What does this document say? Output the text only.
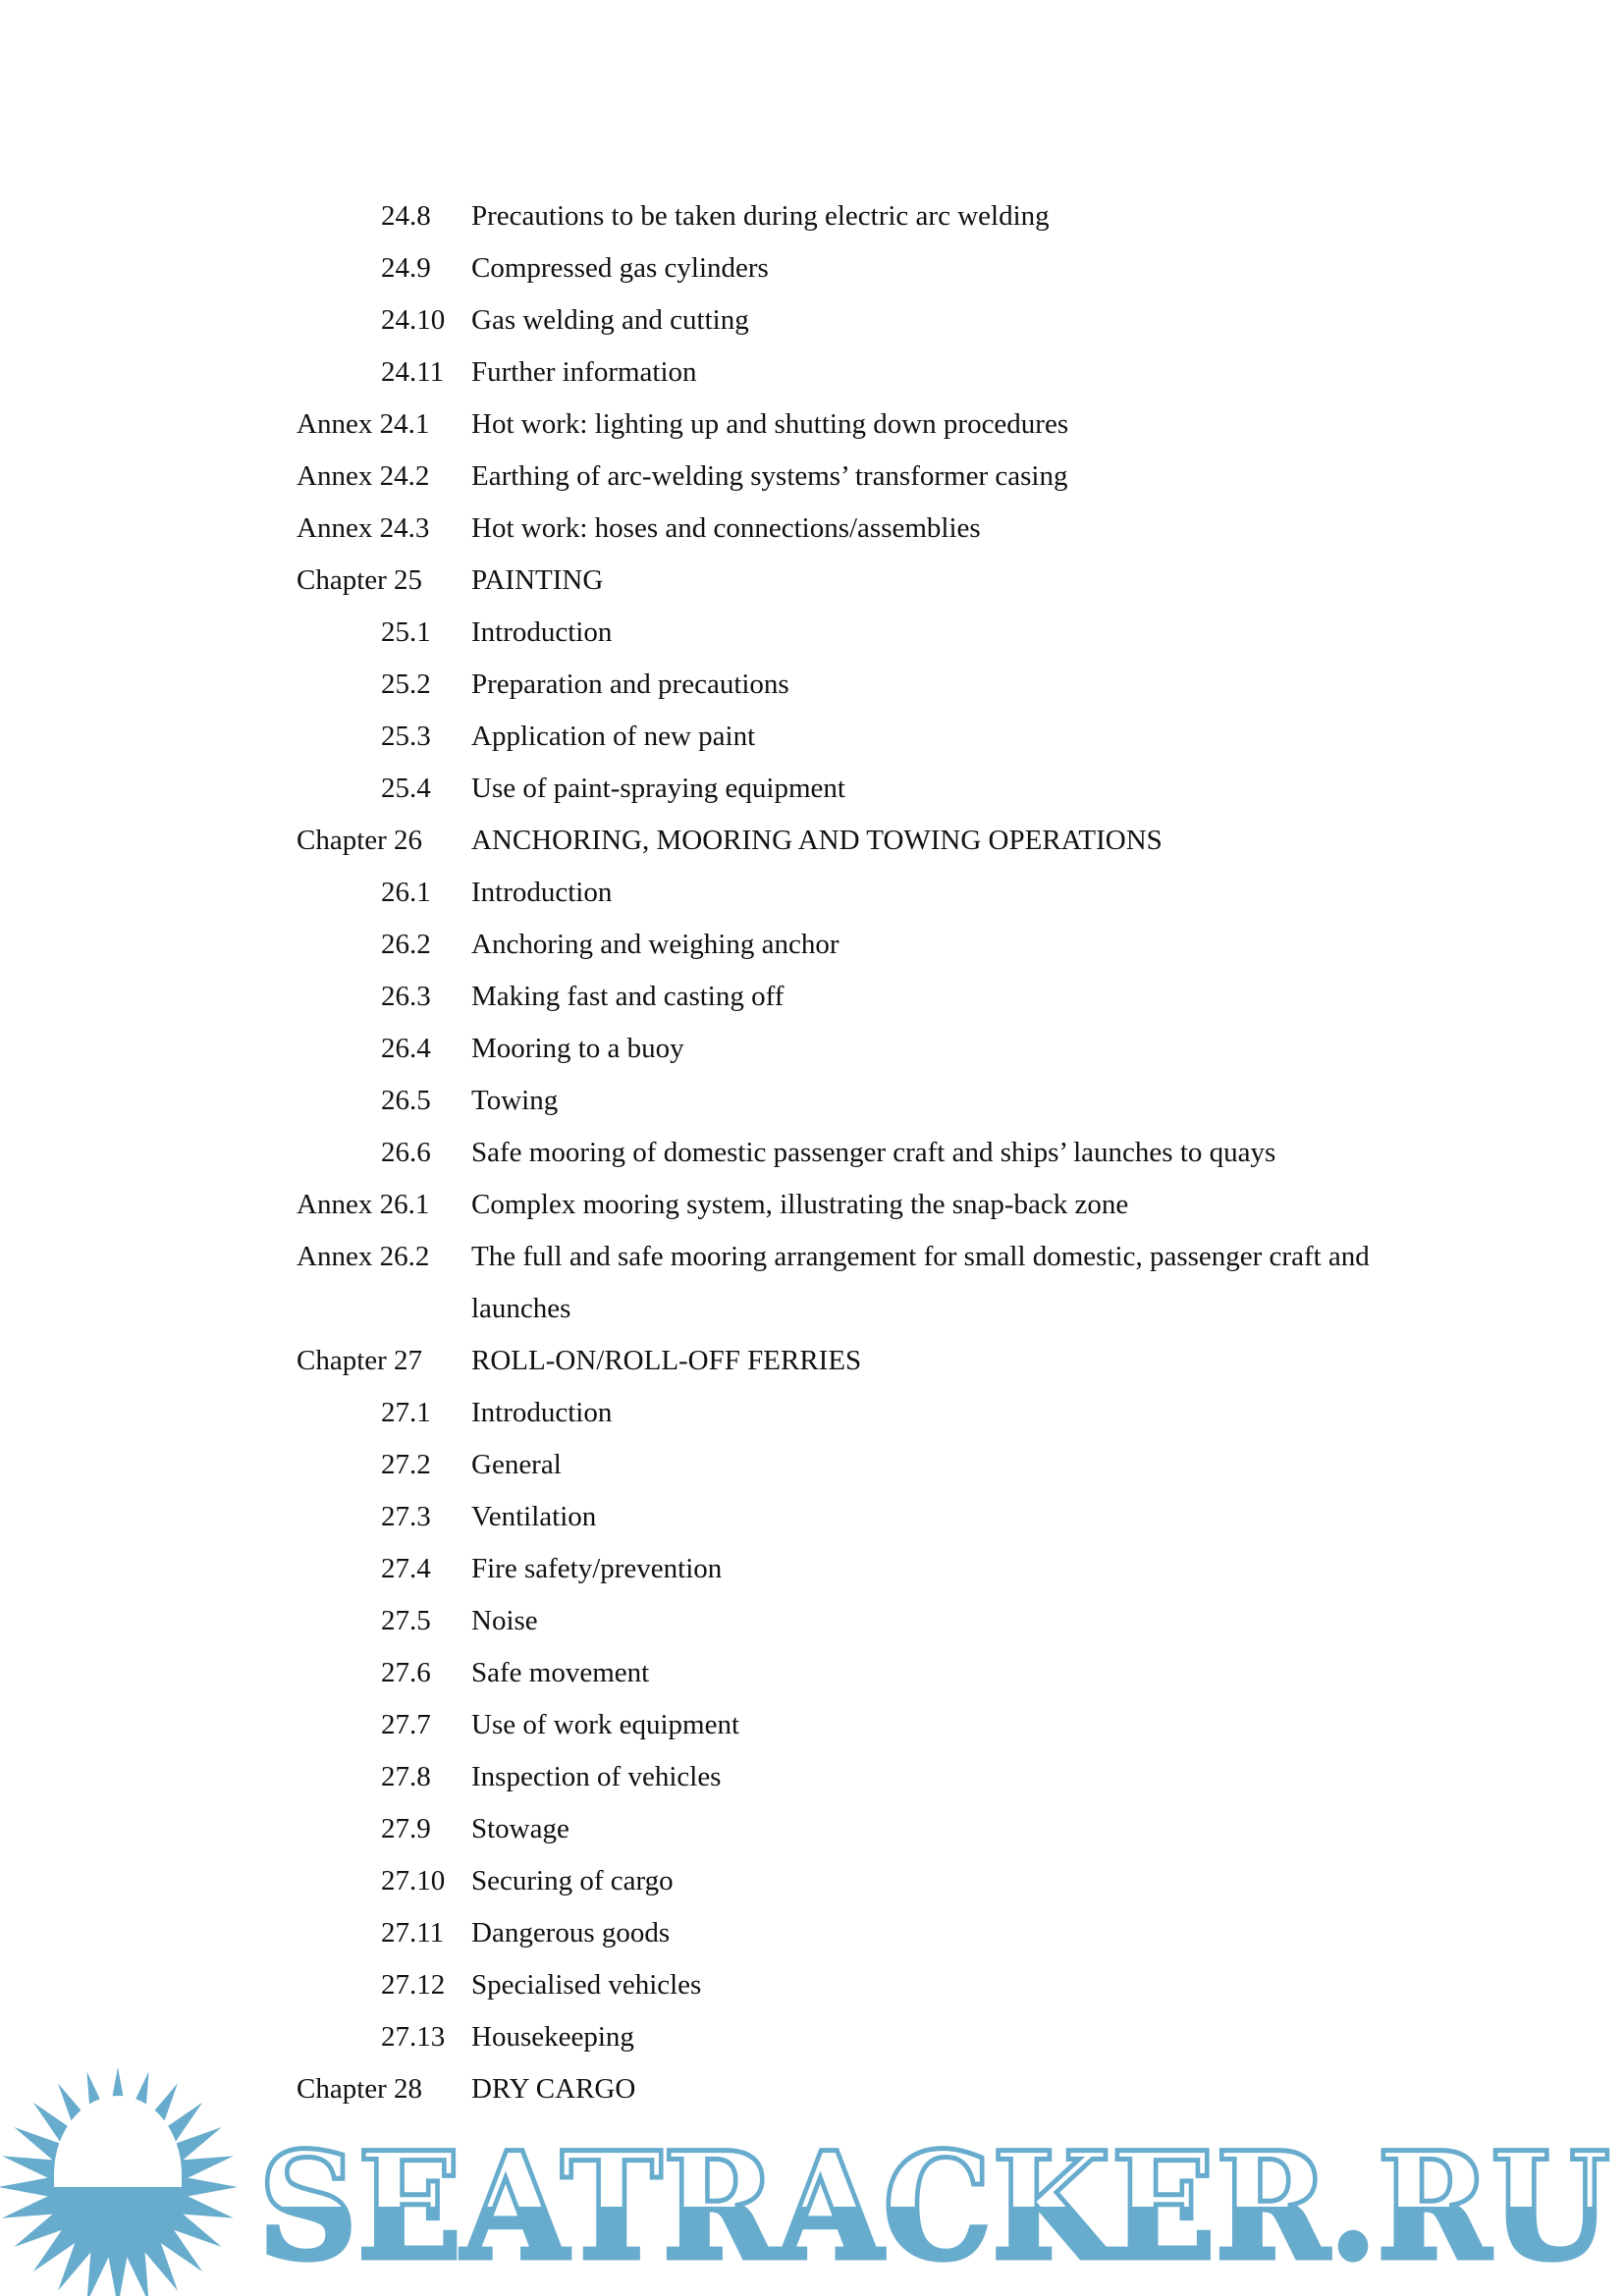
24.8 Precautions to be taken during electric arc welding
24.9 Compressed gas cylinders
24.10 Gas welding and cutting
24.11 Further information
Annex 24.1 Hot work: lighting up and shutting down procedures
Annex 24.2 Earthing of arc-welding systems’ transformer casing
Annex 24.3 Hot work: hoses and connections/assemblies
Chapter 25 PAINTING
25.1 Introduction
25.2 Preparation and precautions
25.3 Application of new paint
25.4 Use of paint-spraying equipment
Chapter 26 ANCHORING, MOORING AND TOWING OPERATIONS
26.1 Introduction
26.2 Anchoring and weighing anchor
26.3 Making fast and casting off
26.4 Mooring to a buoy
26.5 Towing
26.6 Safe mooring of domestic passenger craft and ships’ launches to quays
Annex 26.1 Complex mooring system, illustrating the snap-back zone
Annex 26.2 The full and safe mooring arrangement for small domestic, passenger craft and launches
Chapter 27 ROLL-ON/ROLL-OFF FERRIES
27.1 Introduction
27.2 General
27.3 Ventilation
27.4 Fire safety/prevention
27.5 Noise
27.6 Safe movement
27.7 Use of work equipment
27.8 Inspection of vehicles
27.9 Stowage
27.10 Securing of cargo
27.11 Dangerous goods
27.12 Specialised vehicles
27.13 Housekeeping
Chapter 28 DRY CARGO
SEATRACKER.RU
